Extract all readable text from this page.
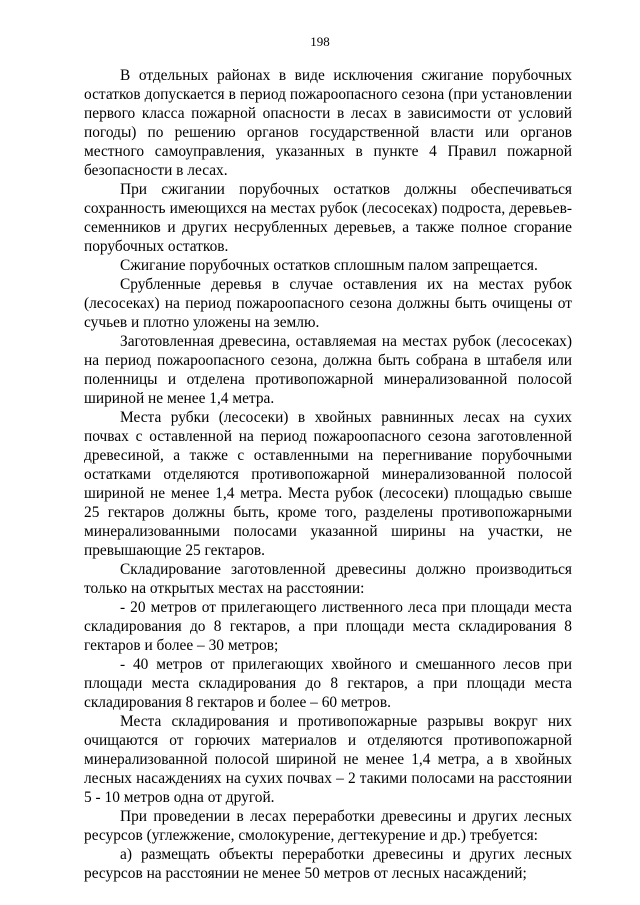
198

В отдельных районах в виде исключения сжигание порубочных остатков допускается в период пожароопасного сезона (при установлении первого класса пожарной опасности в лесах в зависимости от условий погоды) по решению органов государственной власти или органов местного самоуправления, указанных в пункте 4 Правил пожарной безопасности в лесах.

При сжигании порубочных остатков должны обеспечиваться сохранность имеющихся на местах рубок (лесосеках) подроста, деревьев-семенников и других несрубленных деревьев, а также полное сгорание порубочных остатков.

Сжигание порубочных остатков сплошным палом запрещается.

Срубленные деревья в случае оставления их на местах рубок (лесосеках) на период пожароопасного сезона должны быть очищены от сучьев и плотно уложены на землю.

Заготовленная древесина, оставляемая на местах рубок (лесосеках) на период пожароопасного сезона, должна быть собрана в штабеля или поленницы и отделена противопожарной минерализованной полосой шириной не менее 1,4 метра.

Места рубки (лесосеки) в хвойных равнинных лесах на сухих почвах с оставленной на период пожароопасного сезона заготовленной древесиной, а также с оставленными на перегнивание порубочными остатками отделяются противопожарной минерализованной полосой шириной не менее 1,4 метра. Места рубок (лесосеки) площадью свыше 25 гектаров должны быть, кроме того, разделены противопожарными минерализованными полосами указанной ширины на участки, не превышающие 25 гектаров.

Складирование заготовленной древесины должно производиться только на открытых местах на расстоянии:

- 20 метров от прилегающего лиственного леса при площади места складирования до 8 гектаров, а при площади места складирования 8 гектаров и более – 30 метров;

- 40 метров от прилегающих хвойного и смешанного лесов при площади места складирования до 8 гектаров, а при площади места складирования 8 гектаров и более – 60 метров.

Места складирования и противопожарные разрывы вокруг них очищаются от горючих материалов и отделяются противопожарной минерализованной полосой шириной не менее 1,4 метра, а в хвойных лесных насаждениях на сухих почвах – 2 такими полосами на расстоянии 5 - 10 метров одна от другой.

При проведении в лесах переработки древесины и других лесных ресурсов (углежжение, смолокурение, дегтекурение и др.) требуется:

а) размещать объекты переработки древесины и других лесных ресурсов на расстоянии не менее 50 метров от лесных насаждений;
